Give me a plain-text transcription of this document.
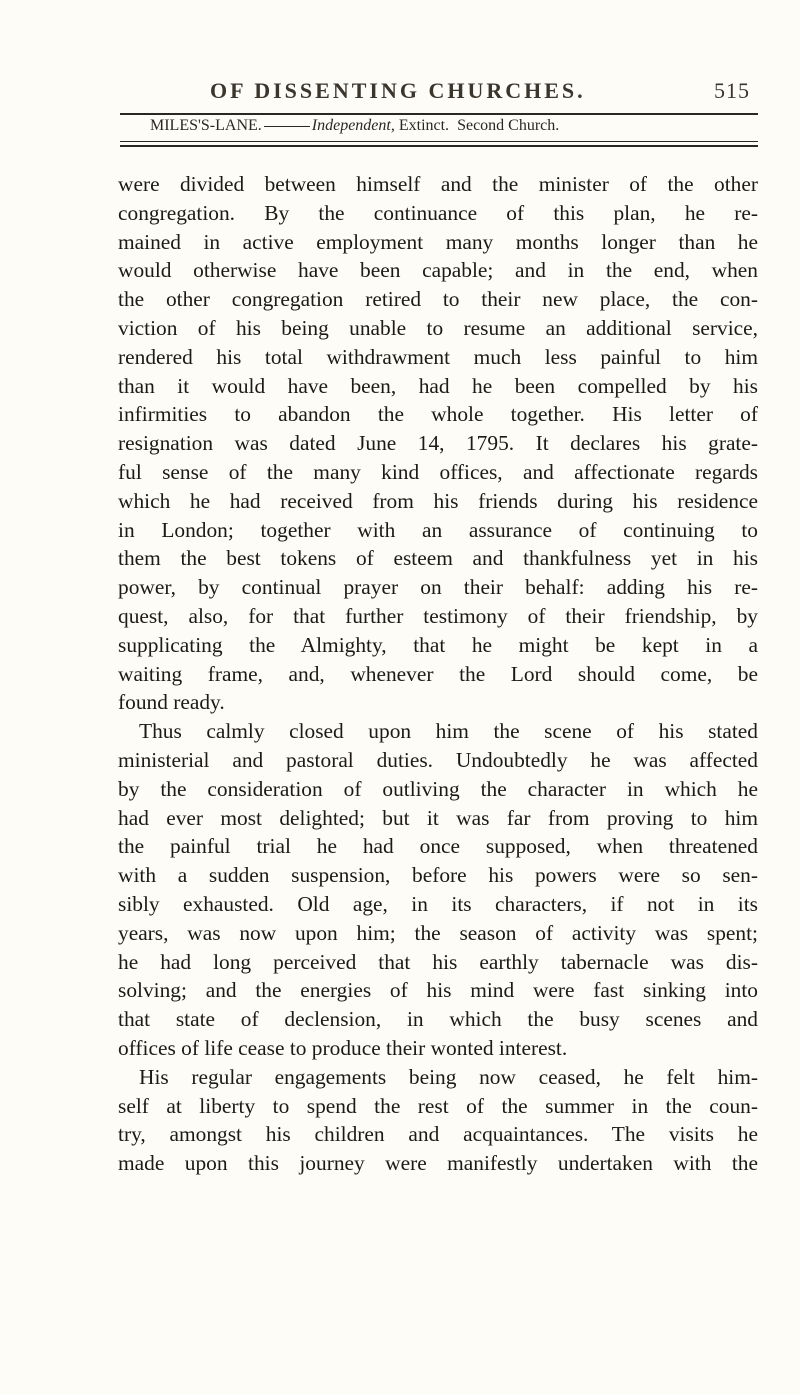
OF DISSENTING CHURCHES.	515
MILES'S-LANE.	Independent, Extinct. Second Church.
were divided between himself and the minister of the other
congregation. By the continuance of this plan, he re-
mained in active employment many months longer than he
would otherwise have been capable; and in the end, when
the other congregation retired to their new place, the con-
viction of his being unable to resume an additional service,
rendered his total withdrawment much less painful to him
than it would have been, had he been compelled by his
infirmities to abandon the whole together. His letter of
resignation was dated June 14, 1795. It declares his grate-
ful sense of the many kind offices, and affectionate regards
which he had received from his friends during his residence
in London; together with an assurance of continuing to
them the best tokens of esteem and thankfulness yet in his
power, by continual prayer on their behalf: adding his re-
quest, also, for that further testimony of their friendship, by
supplicating the Almighty, that he might be kept in a
waiting frame, and, whenever the Lord should come, be
found ready.
Thus calmly closed upon him the scene of his stated
ministerial and pastoral duties. Undoubtedly he was affected
by the consideration of outliving the character in which he
had ever most delighted; but it was far from proving to him
the painful trial he had once supposed, when threatened
with a sudden suspension, before his powers were so sen-
sibly exhausted. Old age, in its characters, if not in its
years, was now upon him; the season of activity was spent;
he had long perceived that his earthly tabernacle was dis-
solving; and the energies of his mind were fast sinking into
that state of declension, in which the busy scenes and
offices of life cease to produce their wonted interest.
His regular engagements being now ceased, he felt him-
self at liberty to spend the rest of the summer in the coun-
try, amongst his children and acquaintances. The visits he
made upon this journey were manifestly undertaken with the
